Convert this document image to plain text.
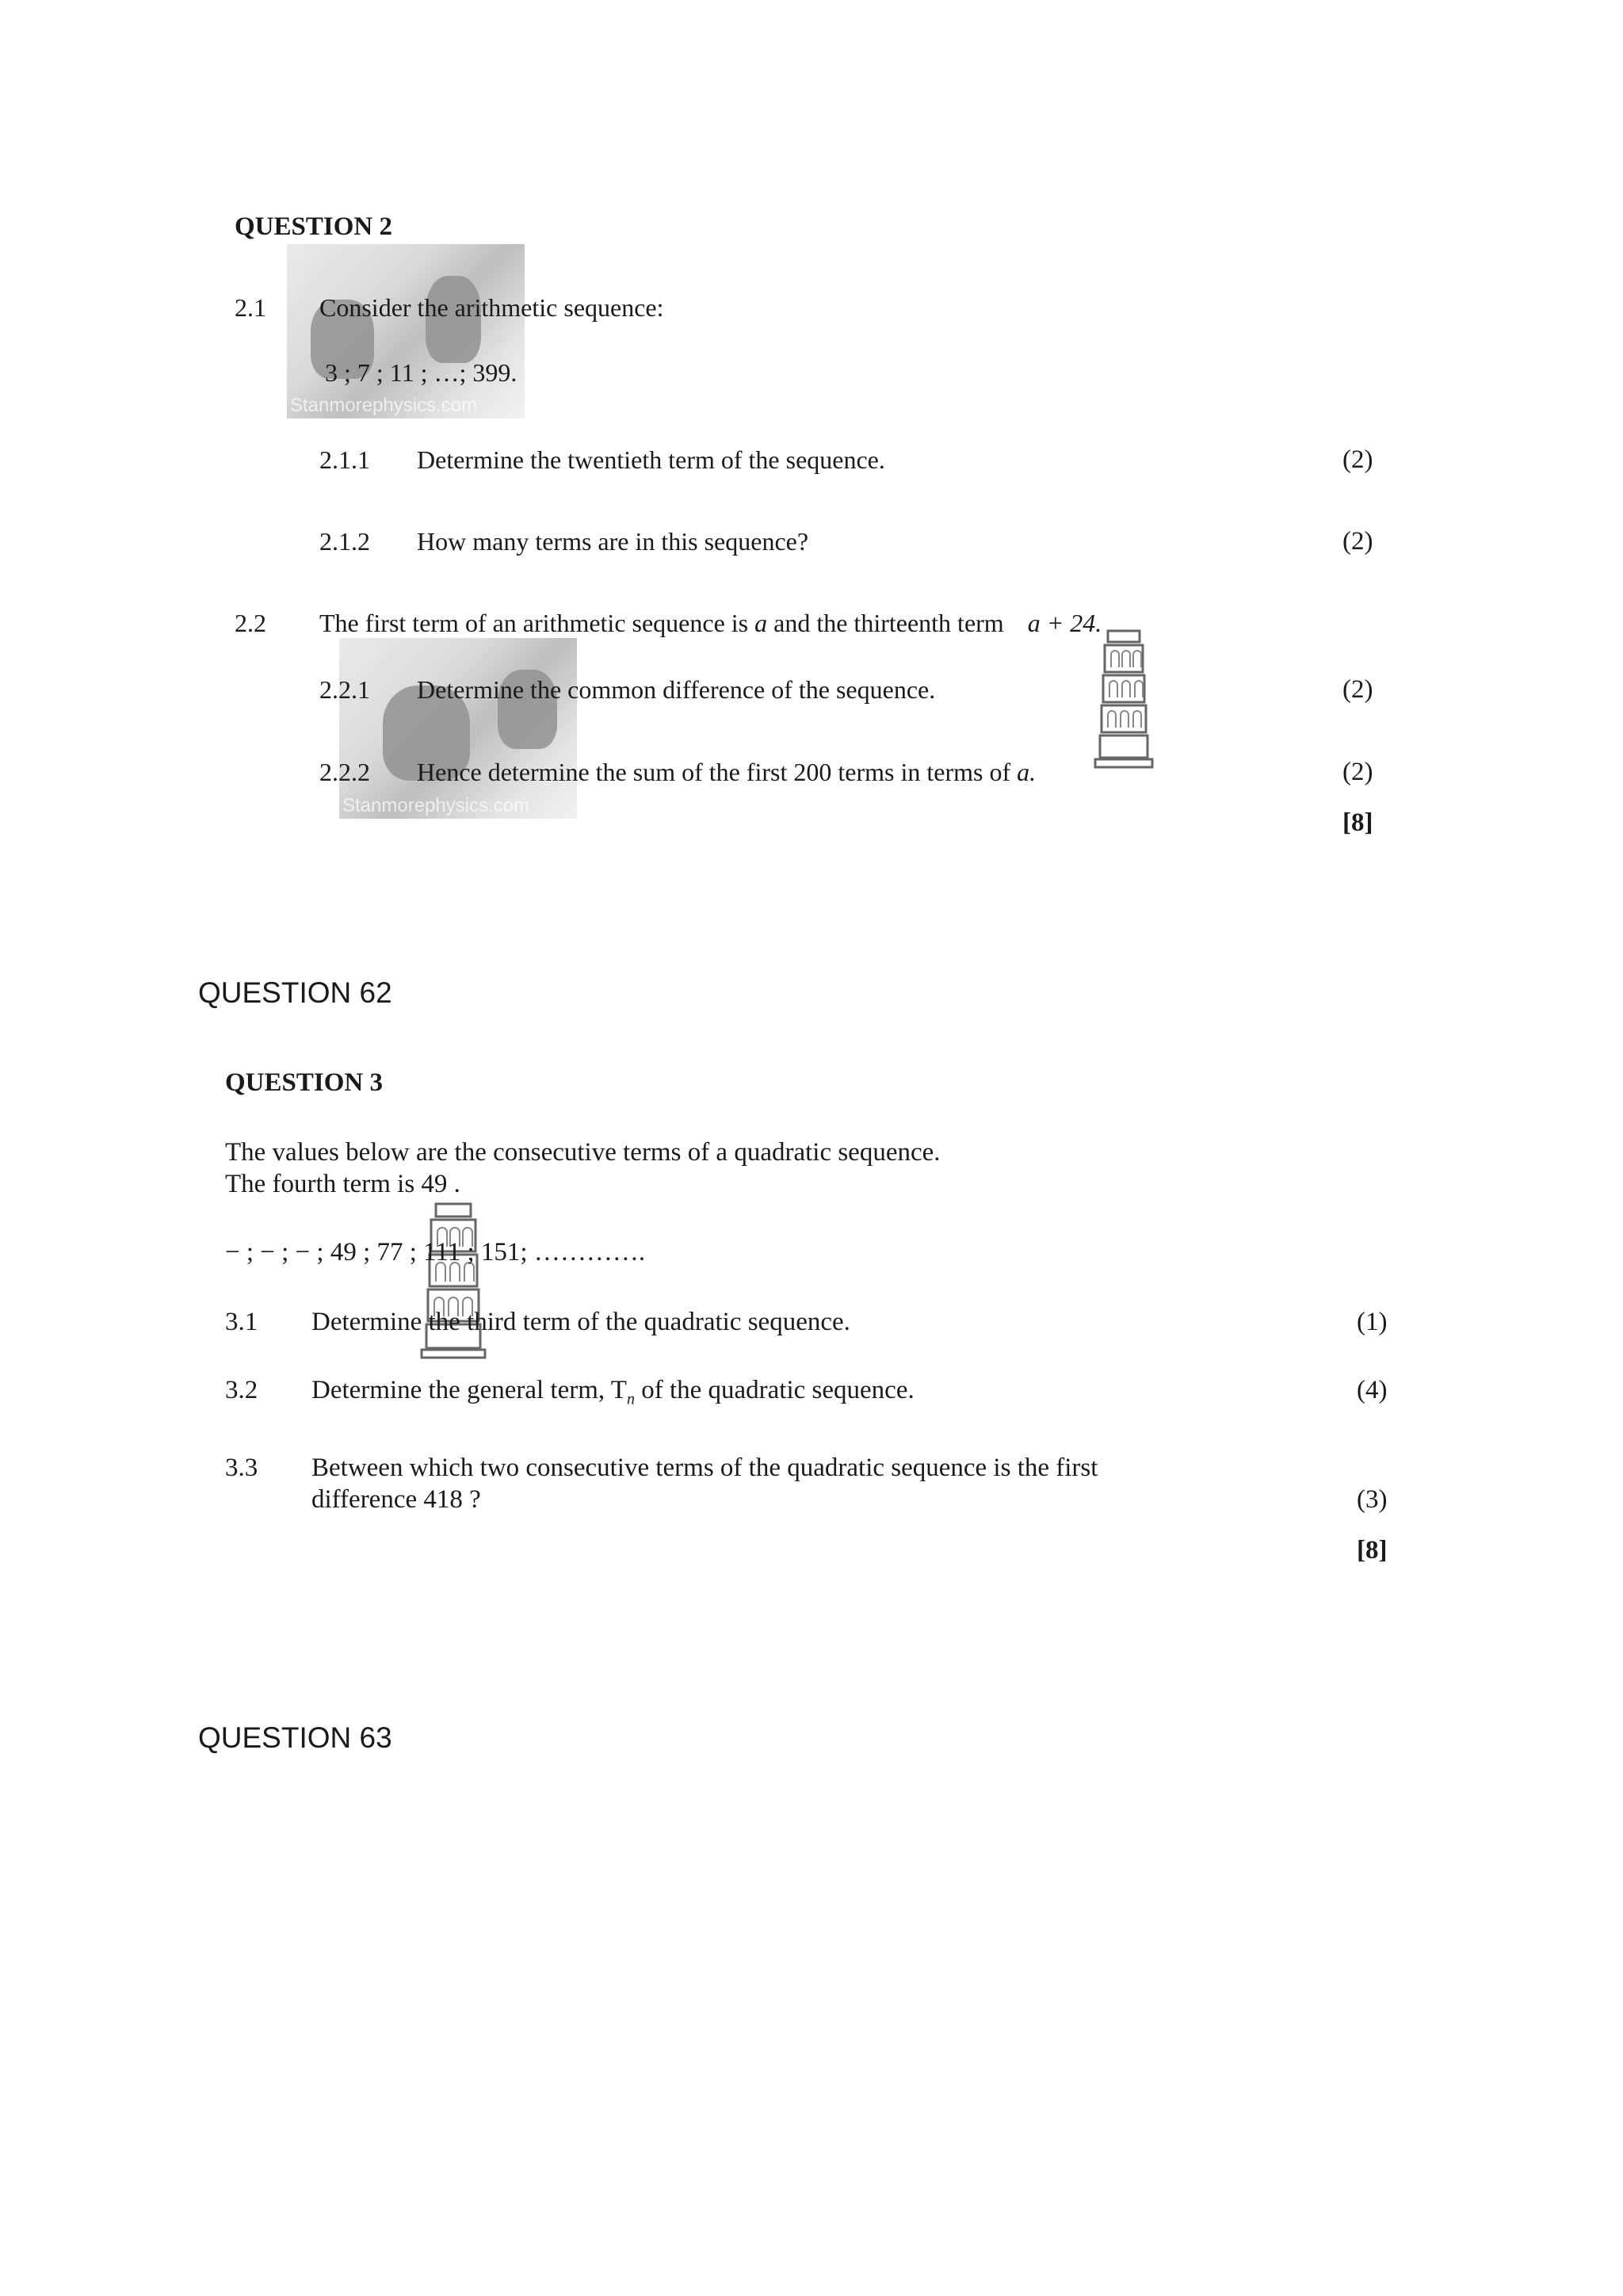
Stanmorephysics.com
Stanmorephysics.com
QUESTION 2
2.1 Consider the arithmetic sequence:
3 ; 7 ; 11 ; …; 399.
2.1.1 Determine the twentieth term of the sequence.	(2)
2.1.2 How many terms are in this sequence?	(2)
2.2 The first term of an arithmetic sequence is a and the thirteenth term a + 24.
2.2.1 Determine the common difference of the sequence.	(2)
2.2.2 Hence determine the sum of the first 200 terms in terms of a.	(2)
[8]
QUESTION 62
QUESTION 3
The values below are the consecutive terms of a quadratic sequence.
The fourth term is 49 .
− ; − ; − ; 49 ; 77 ; 111 ; 151; ………….
3.1 Determine the third term of the quadratic sequence.	(1)
3.2 Determine the general term, $T_n$ of the quadratic sequence.	(4)
3.3 Between which two consecutive terms of the quadratic sequence is the first
difference 418 ?	(3)
[8]
QUESTION 63
